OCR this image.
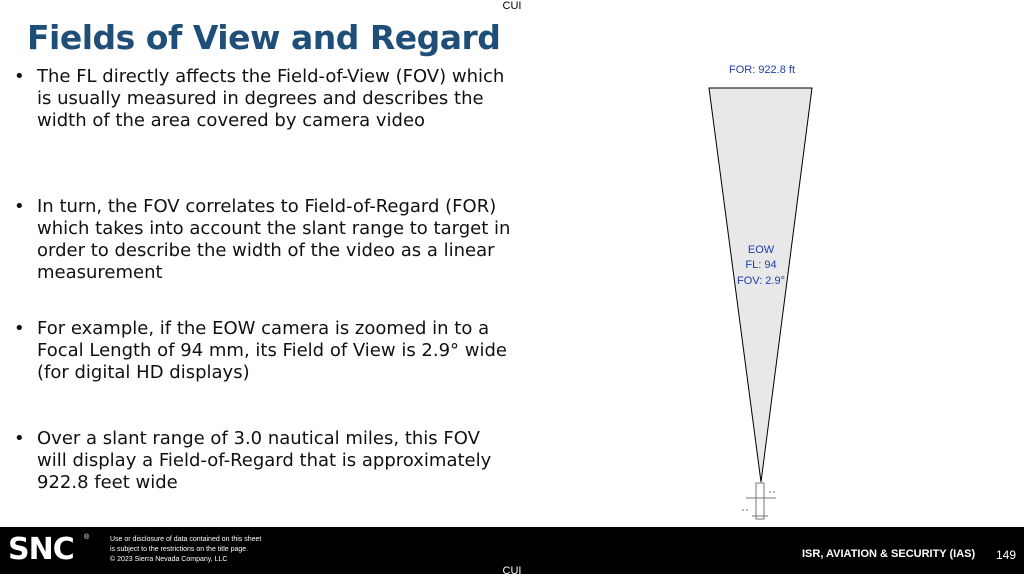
CUI
Fields of View and Regard
• The FL directly affects the Field-of-View (FOV) which is usually measured in degrees and describes the width of the area covered by camera video
• In turn, the FOV correlates to Field-of-Regard (FOR) which takes into account the slant range to target in order to describe the width of the video as a linear measurement
• For example, if the EOW camera is zoomed in to a Focal Length of 94 mm, its Field of View is 2.9° wide (for digital HD displays)
• Over a slant range of 3.0 nautical miles, this FOV will display a Field-of-Regard that is approximately 922.8 feet wide
FOR: 922.8 ft
EOW
FL: 94
FOV: 2.9°
SNC ®	Use or disclosure of data contained on this sheet
is subject to the restrictions on the title page.
© 2023 Sierra Nevada Company, LLC	ISR, AVIATION & SECURITY (IAS) 149
CUI
